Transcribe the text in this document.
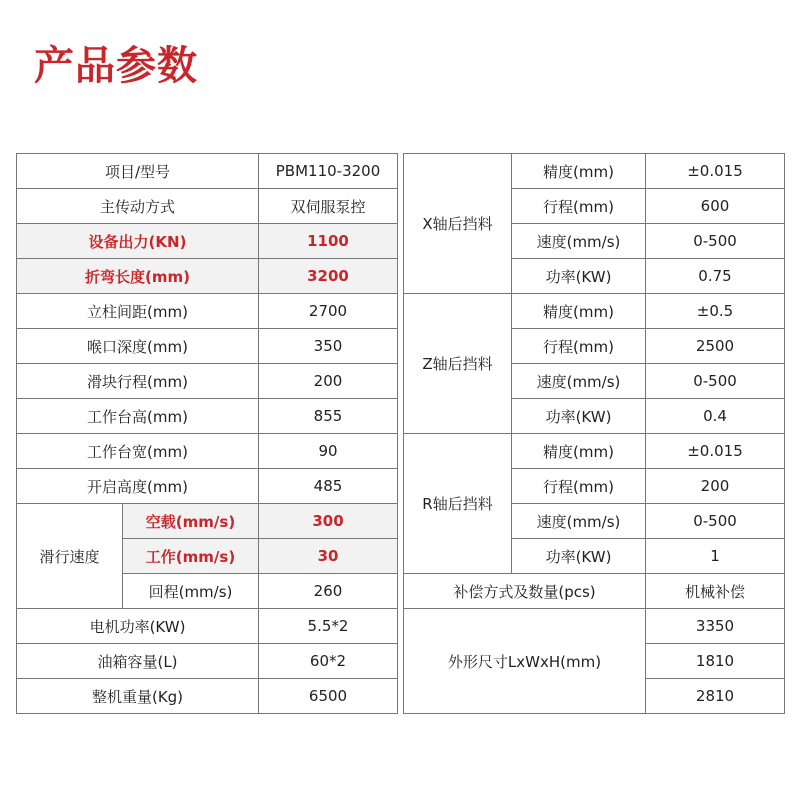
产品参数
项目/型号		PBM110-3200
主传动方式		双伺服泵控
设备出力(KN)		1100
折弯长度(mm)		3200
立柱间距(mm)		2700
喉口深度(mm)		350
滑块行程(mm)		200
工作台高(mm)		855
工作台宽(mm)		90
开启高度(mm)		485
滑行速度	空载(mm/s)	300
	工作(mm/s)	30
	回程(mm/s)	260
电机功率(KW)		5.5*2
油箱容量(L)		60*2
整机重量(Kg)		6500
X轴后挡料	精度(mm)	±0.015
	行程(mm)	600
	速度(mm/s)	0-500
	功率(KW)	0.75
Z轴后挡料	精度(mm)	±0.5
	行程(mm)	2500
	速度(mm/s)	0-500
	功率(KW)	0.4
R轴后挡料	精度(mm)	±0.015
	行程(mm)	200
	速度(mm/s)	0-500
	功率(KW)	1
补偿方式及数量(pcs)		机械补偿
外形尺寸LxWxH(mm)		3350
		1810
		2810
